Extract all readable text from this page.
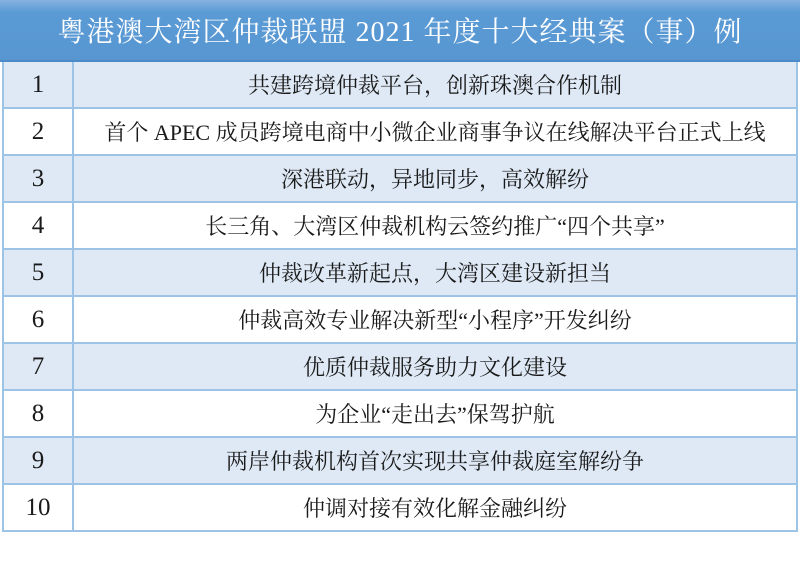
粤港澳大湾区仲裁联盟 2021 年度十大经典案（事）例
1	共建跨境仲裁平台，创新珠澳合作机制
2	首个 APEC 成员跨境电商中小微企业商事争议在线解决平台正式上线
3	深港联动，异地同步，高效解纷
4	长三角、大湾区仲裁机构云签约推广“四个共享”
5	仲裁改革新起点，大湾区建设新担当
6	仲裁高效专业解决新型“小程序”开发纠纷
7	优质仲裁服务助力文化建设
8	为企业“走出去”保驾护航
9	两岸仲裁机构首次实现共享仲裁庭室解纷争
10	仲调对接有效化解金融纠纷
